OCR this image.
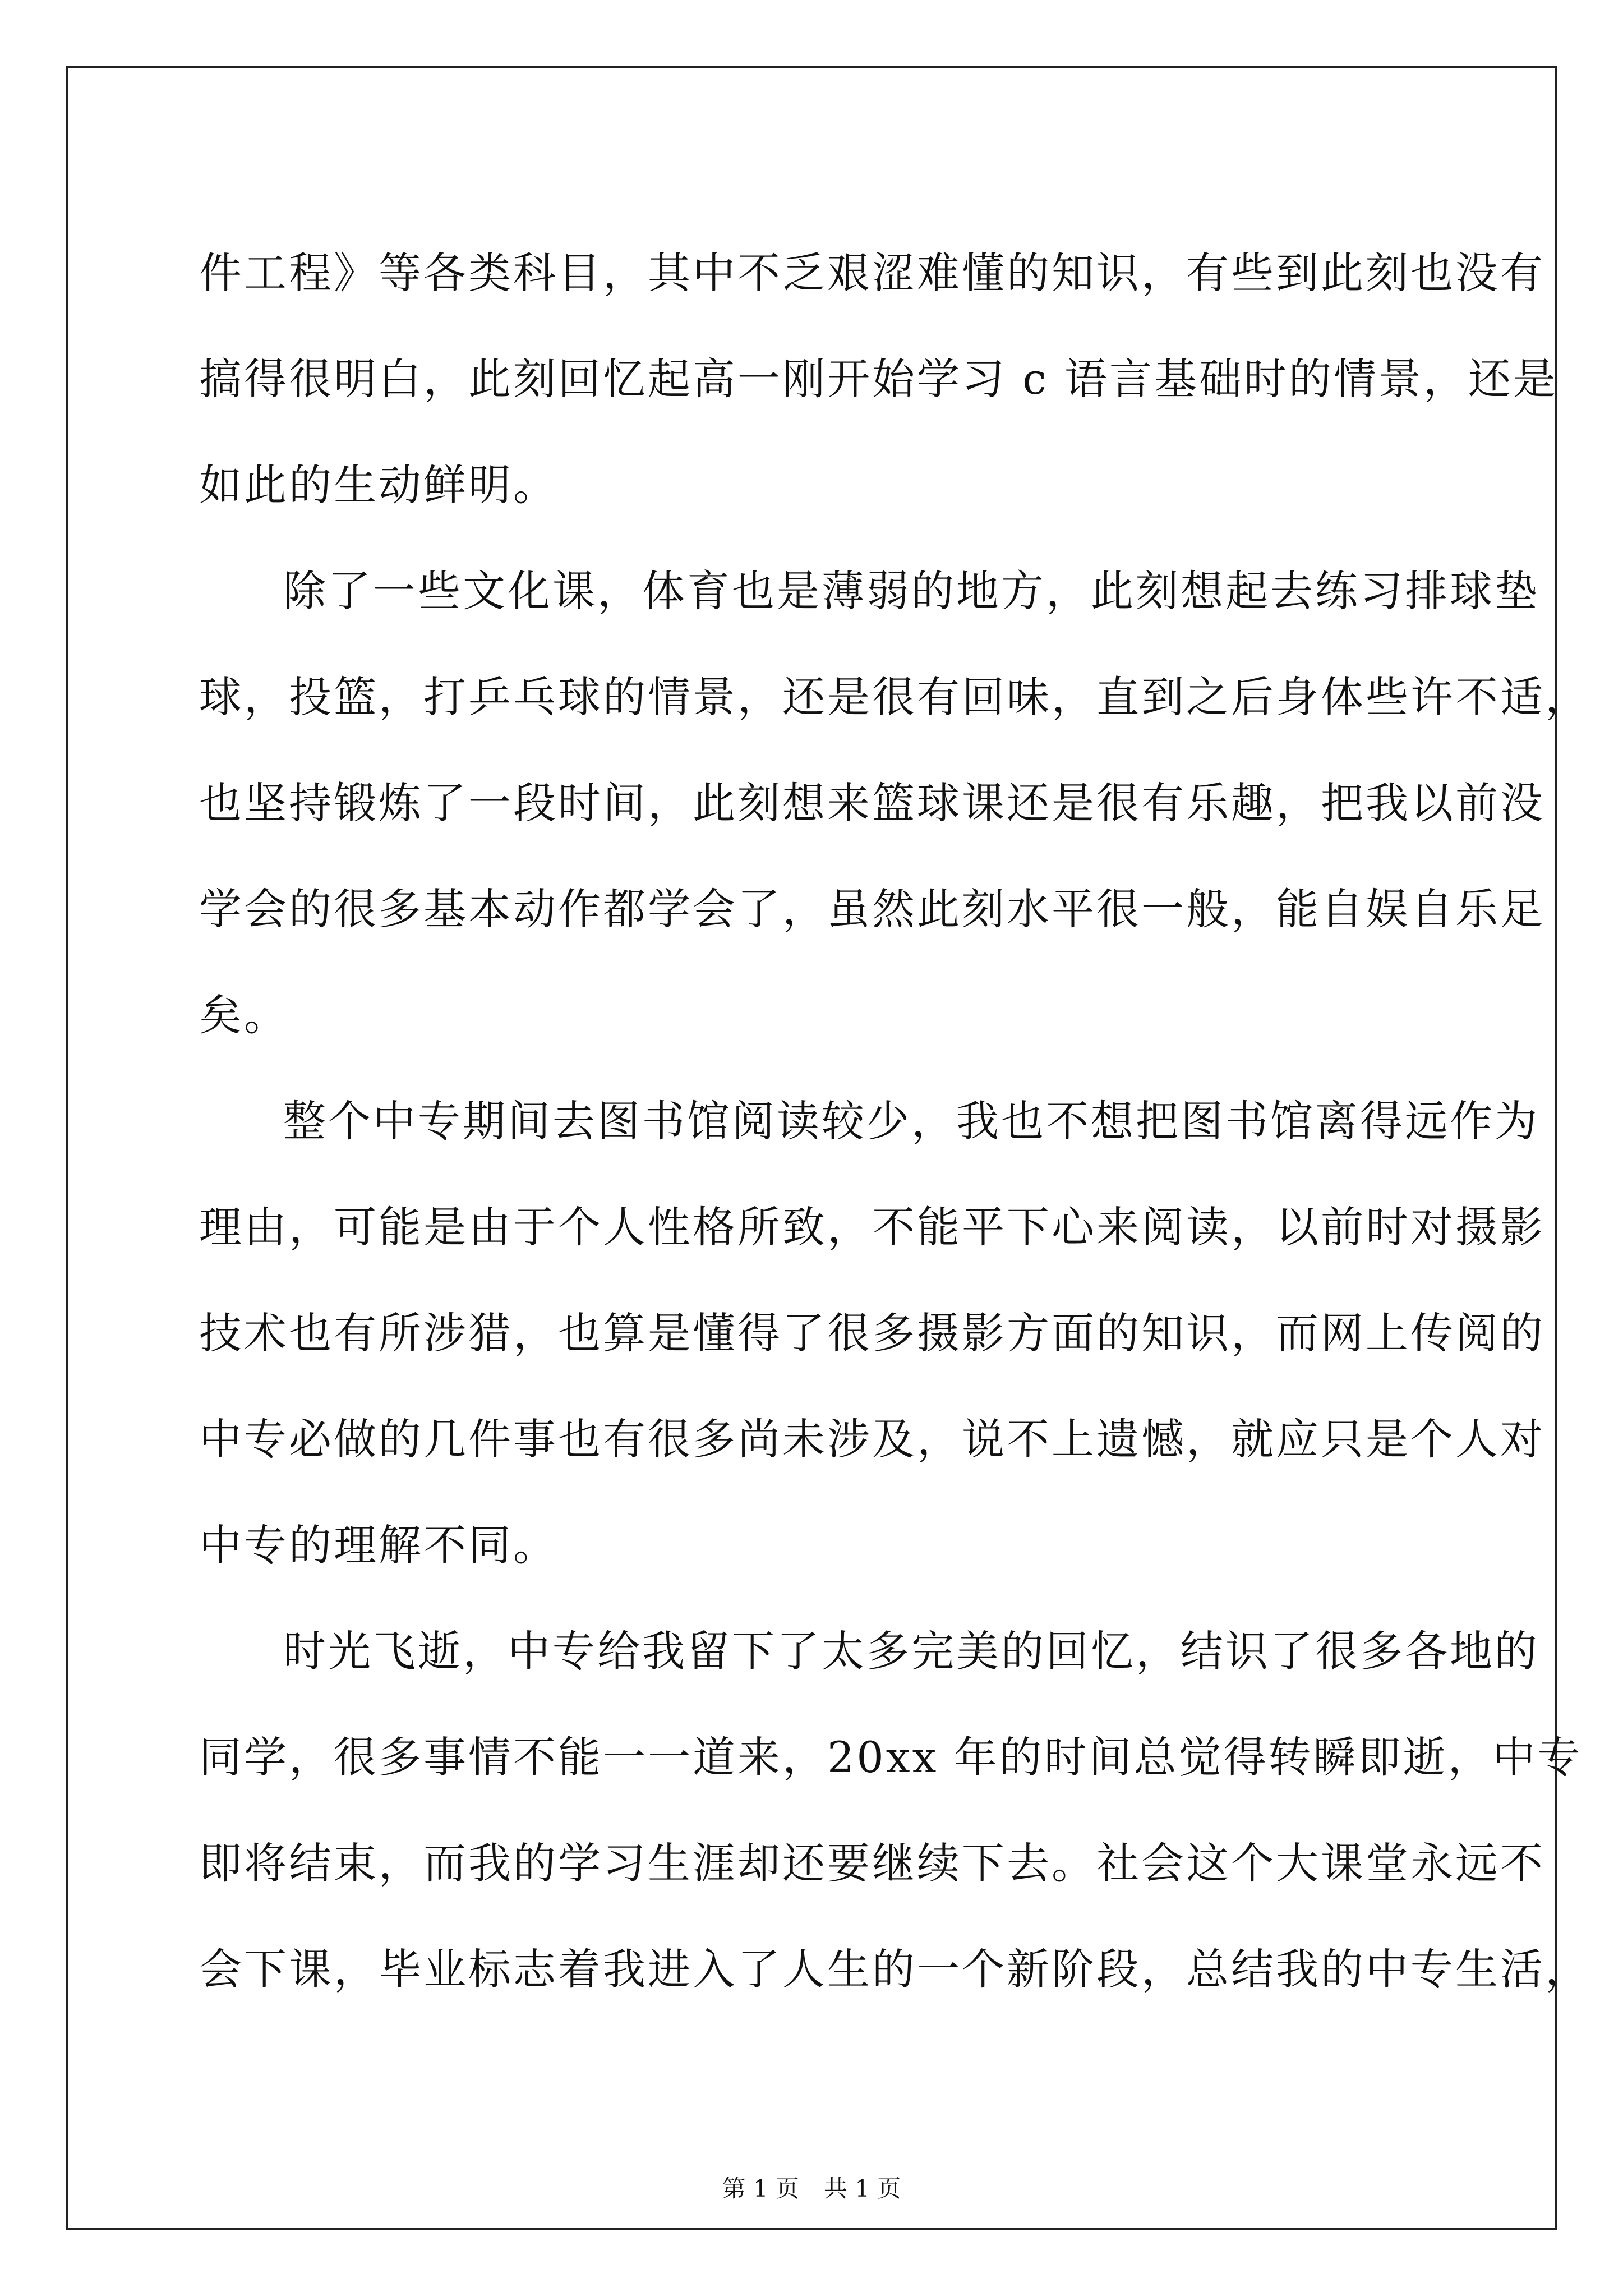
件工程》等各类科目，其中不乏艰涩难懂的知识，有些到此刻也没有
搞得很明白，此刻回忆起高一刚开始学习 c 语言基础时的情景，还是
如此的生动鲜明。
除了一些文化课，体育也是薄弱的地方，此刻想起去练习排球垫
球，投篮，打乒乓球的情景，还是很有回味，直到之后身体些许不适，
也坚持锻炼了一段时间，此刻想来篮球课还是很有乐趣，把我以前没
学会的很多基本动作都学会了，虽然此刻水平很一般，能自娱自乐足
矣。
整个中专期间去图书馆阅读较少，我也不想把图书馆离得远作为
理由，可能是由于个人性格所致，不能平下心来阅读，以前时对摄影
技术也有所涉猎，也算是懂得了很多摄影方面的知识，而网上传阅的
中专必做的几件事也有很多尚未涉及，说不上遗憾，就应只是个人对
中专的理解不同。
时光飞逝，中专给我留下了太多完美的回忆，结识了很多各地的
同学，很多事情不能一一道来，20xx 年的时间总觉得转瞬即逝，中专
即将结束，而我的学习生涯却还要继续下去。社会这个大课堂永远不
会下课，毕业标志着我进入了人生的一个新阶段，总结我的中专生活，
第 1 页 共 1 页
